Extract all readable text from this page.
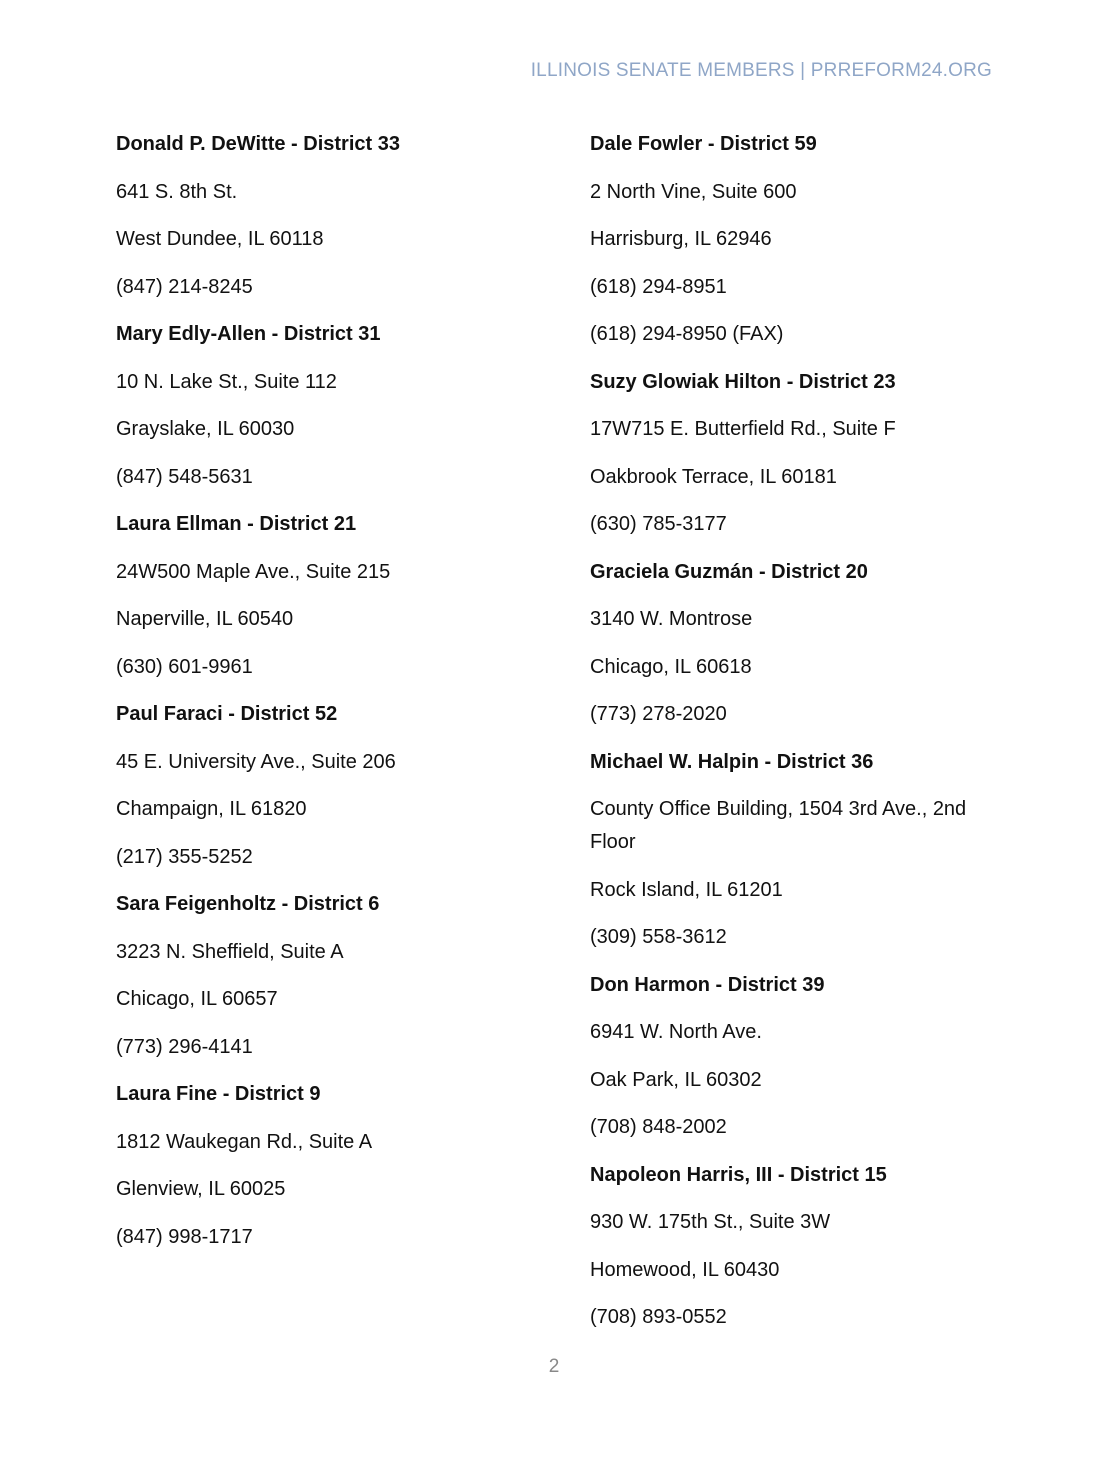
ILLINOIS SENATE MEMBERS | PRREFORM24.ORG
Donald P. DeWitte - District 33
641 S. 8th St.
West Dundee, IL 60118
(847) 214-8245
Mary Edly-Allen - District 31
10 N. Lake St., Suite 112
Grayslake, IL 60030
(847) 548-5631
Laura Ellman - District 21
24W500 Maple Ave., Suite 215
Naperville, IL 60540
(630) 601-9961
Paul Faraci - District 52
45 E. University Ave., Suite 206
Champaign, IL 61820
(217) 355-5252
Sara Feigenholtz - District 6
3223 N. Sheffield, Suite A
Chicago, IL 60657
(773) 296-4141
Laura Fine - District 9
1812 Waukegan Rd., Suite A
Glenview, IL 60025
(847) 998-1717
Dale Fowler - District 59
2 North Vine, Suite 600
Harrisburg, IL 62946
(618) 294-8951
(618) 294-8950 (FAX)
Suzy Glowiak Hilton - District 23
17W715 E. Butterfield Rd., Suite F
Oakbrook Terrace, IL 60181
(630) 785-3177
Graciela Guzmán - District 20
3140 W. Montrose
Chicago, IL 60618
(773) 278-2020
Michael W. Halpin - District 36
County Office Building, 1504 3rd Ave., 2nd Floor
Rock Island, IL 61201
(309) 558-3612
Don Harmon - District 39
6941 W. North Ave.
Oak Park, IL 60302
(708) 848-2002
Napoleon Harris, III - District 15
930 W. 175th St., Suite 3W
Homewood, IL 60430
(708) 893-0552
2
